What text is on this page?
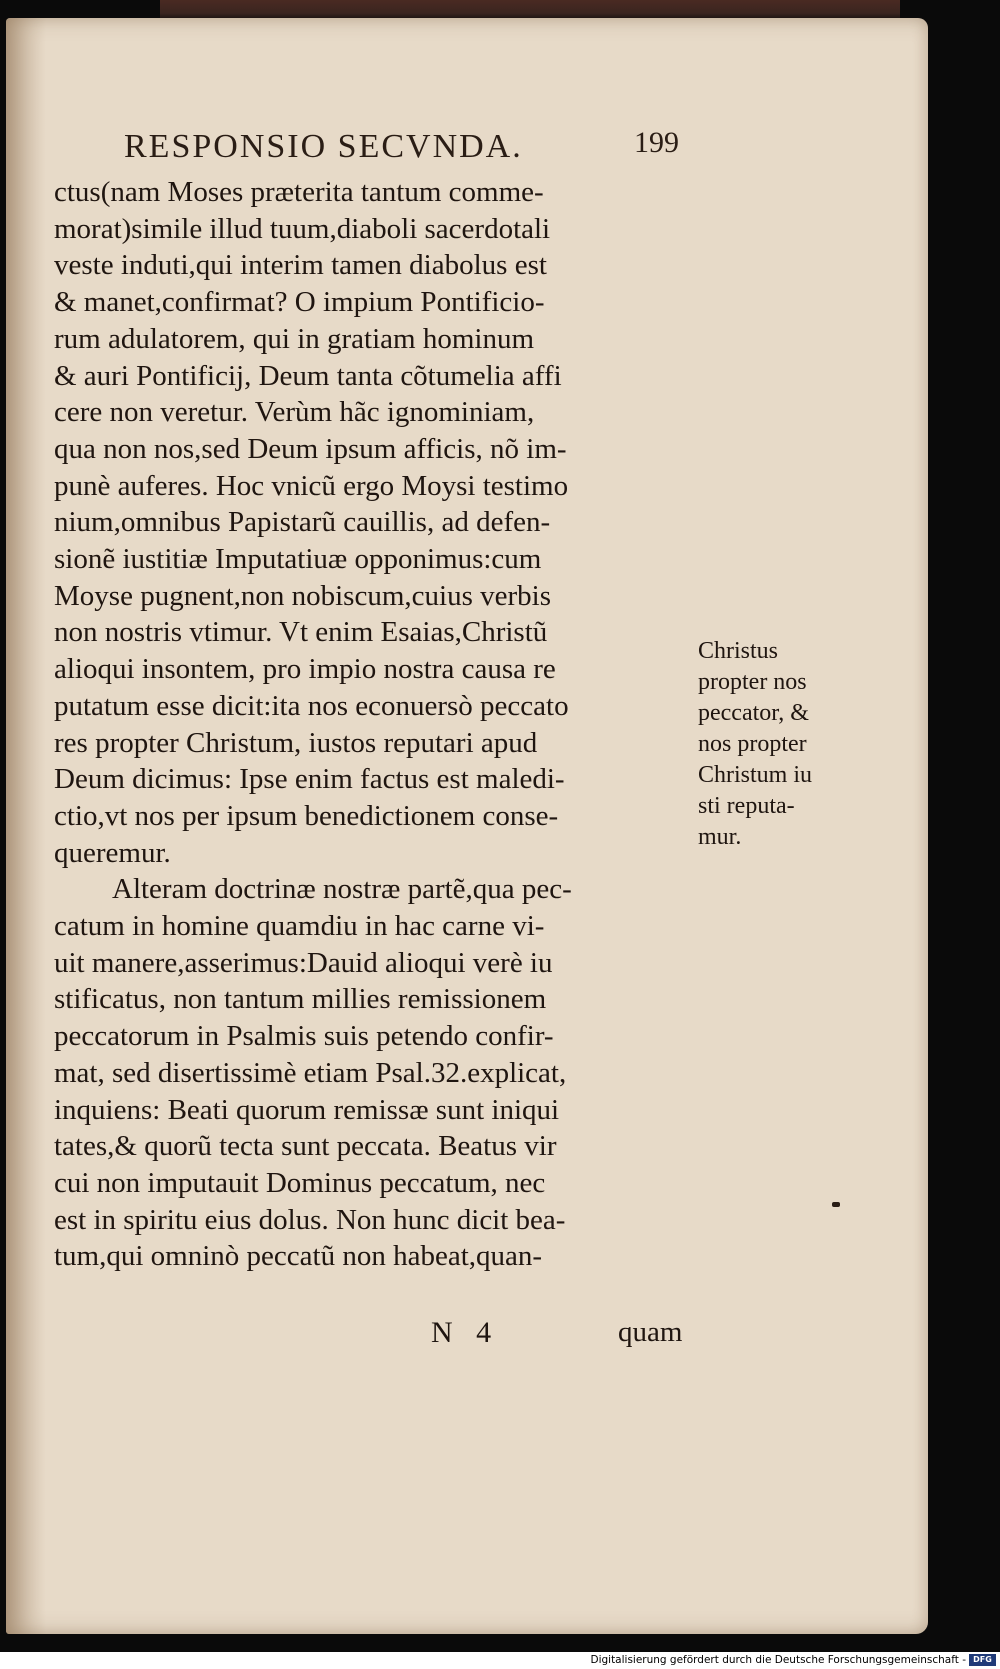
RESPONSIO SECVNDA.	199
ctus(nam Moses præterita tantum comme-
morat)simile illud tuum,diaboli sacerdotali
veste induti,qui interim tamen diabolus est
& manet,confirmat? O impium Pontificio-
rum adulatorem, qui in gratiam hominum
& auri Pontificij, Deum tanta cõtumelia affi
cere non veretur. Verùm hãc ignominiam,
qua non nos,sed Deum ipsum afficis, nõ im-
punè auferes. Hoc vnicũ ergo Moysi testimo
nium,omnibus Papistarũ cauillis, ad defen-
sionẽ iustitiæ Imputatiuæ opponimus:cum
Moyse pugnent,non nobiscum,cuius verbis
non nostris vtimur. Vt enim Esaias,Christũ
alioqui insontem, pro impio nostra causa re
putatum esse dicit:ita nos econuersò peccato
res propter Christum, iustos reputari apud
Deum dicimus: Ipse enim factus est maledi-
ctio,vt nos per ipsum benedictionem conse-
queremur.
Alteram doctrinæ nostræ partẽ,qua pec-
catum in homine quamdiu in hac carne vi-
uit manere,asserimus:Dauid alioqui verè iu
stificatus, non tantum millies remissionem
peccatorum in Psalmis suis petendo confir-
mat, sed disertissimè etiam Psal.32.explicat,
inquiens: Beati quorum remissæ sunt iniqui
tates,& quorũ tecta sunt peccata. Beatus vir
cui non imputauit Dominus peccatum, nec
est in spiritu eius dolus. Non hunc dicit bea-
tum,qui omninò peccatũ non habeat,quan-
Christus
propter nos
peccator, &
nos propter
Christum iu
sti reputa-
mur.
N 4	quam
Digitalisierung gefördert durch die Deutsche Forschungsgemeinschaft - DFG
